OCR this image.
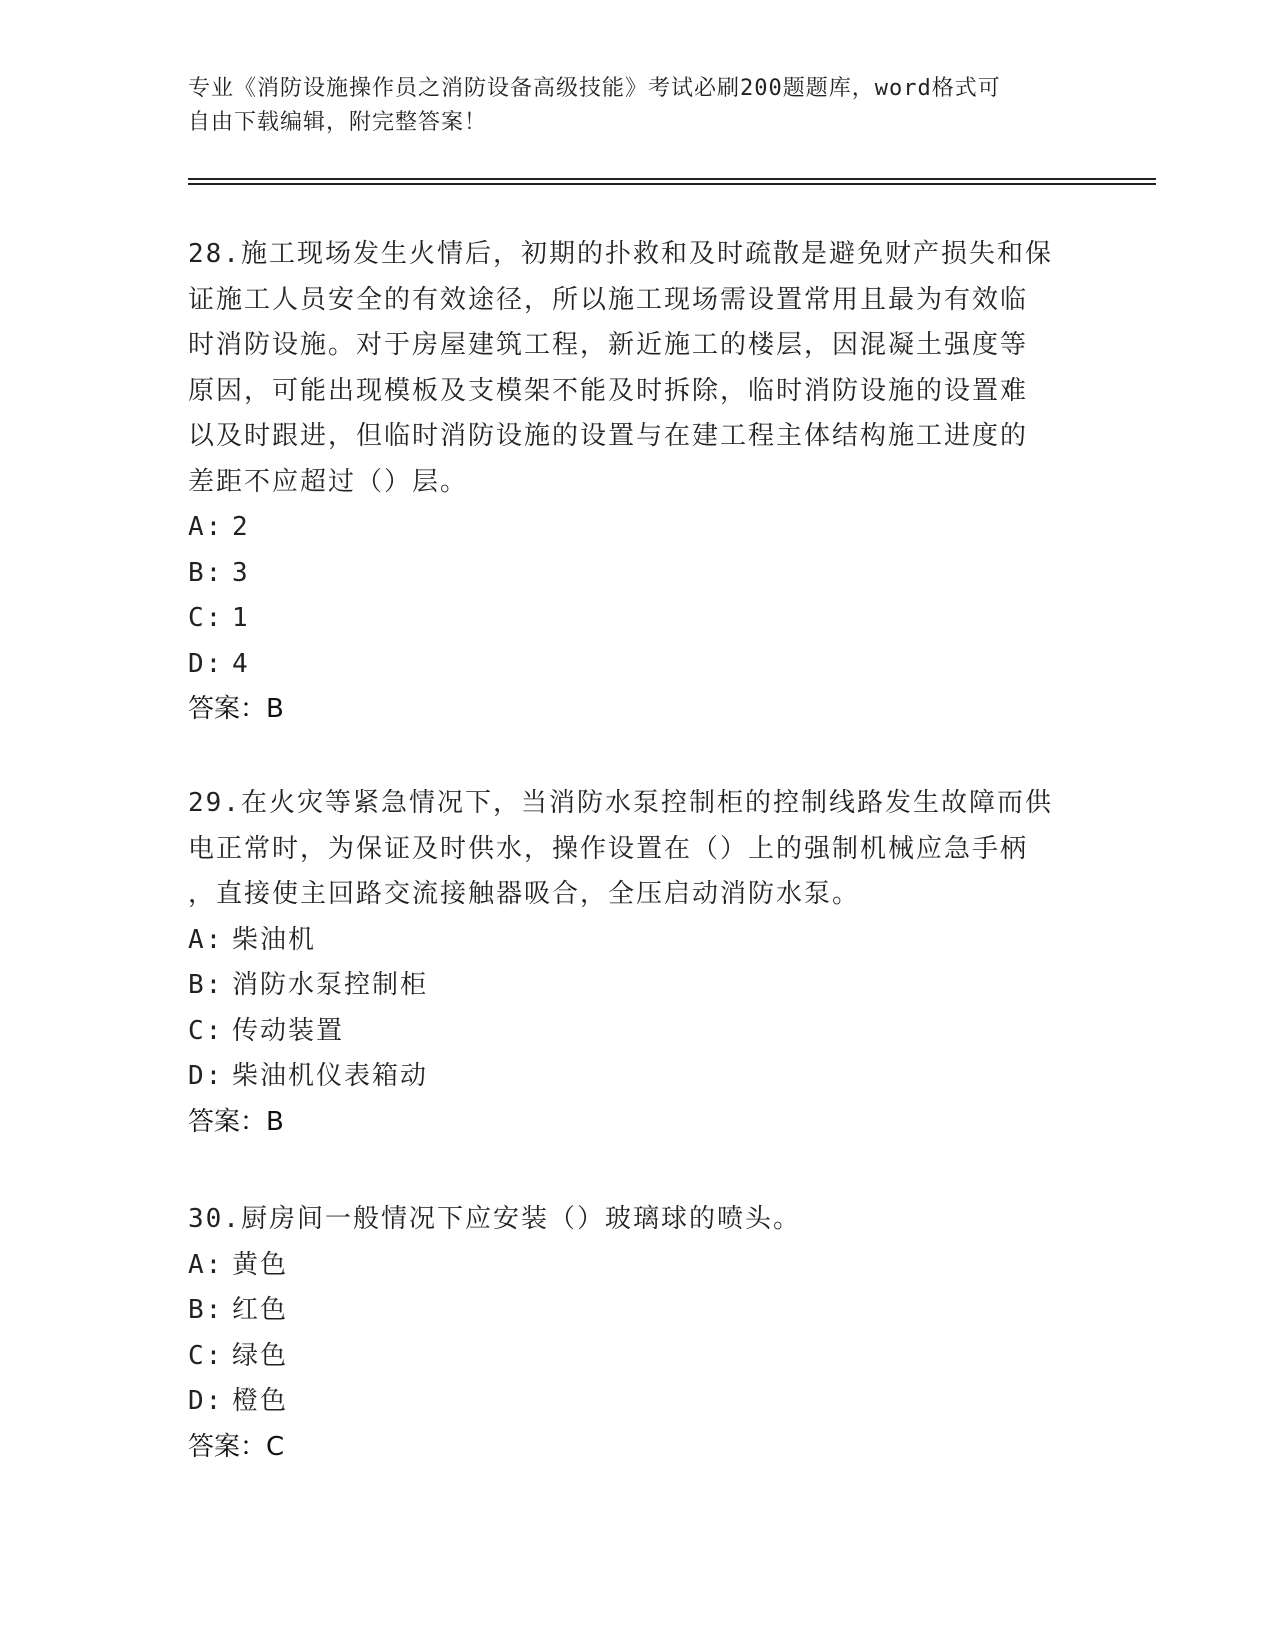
专业《消防设施操作员之消防设备高级技能》考试必刷200题题库，word格式可
自由下载编辑，附完整答案！

28.施工现场发生火情后，初期的扑救和及时疏散是避免财产损失和保

证施工人员安全的有效途径，所以施工现场需设置常用且最为有效临

时消防设施。对于房屋建筑工程，新近施工的楼层，因混凝土强度等

原因，可能出现模板及支模架不能及时拆除，临时消防设施的设置难

以及时跟进，但临时消防设施的设置与在建工程主体结构施工进度的

差距不应超过（）层。

A: 2
B: 3
C: 1
D: 4
答案：B

29.在火灾等紧急情况下，当消防水泵控制柜的控制线路发生故障而供

电正常时，为保证及时供水，操作设置在（）上的强制机械应急手柄

，直接使主回路交流接触器吸合，全压启动消防水泵。

A: 柴油机
B: 消防水泵控制柜
C: 传动装置
D: 柴油机仪表箱动
答案：B

30.厨房间一般情况下应安装（）玻璃球的喷头。

A: 黄色
B: 红色
C: 绿色
D: 橙色
答案：C
